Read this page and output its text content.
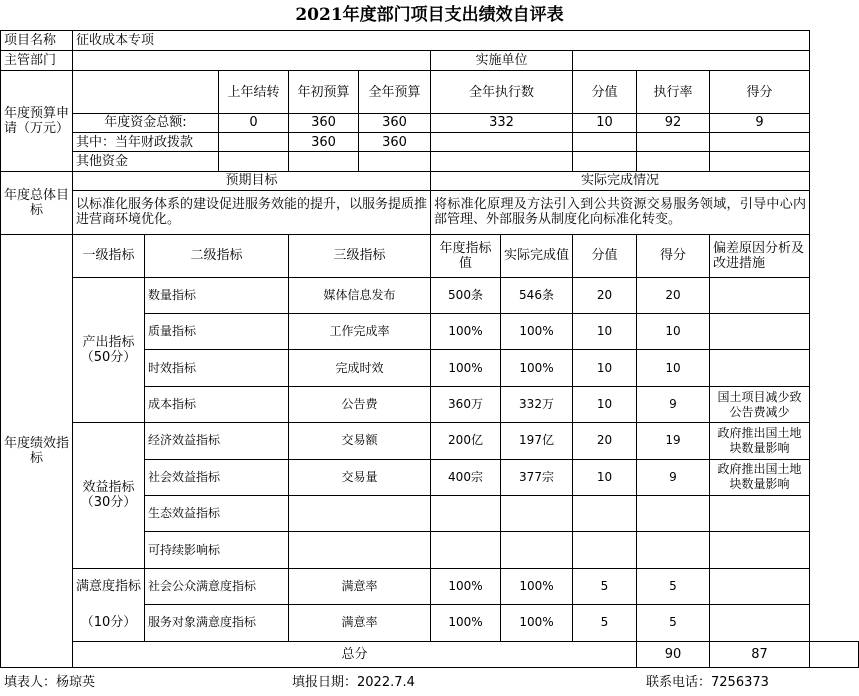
2021年度部门项目支出绩效自评表
项目名称	征收成本专项										
主管部门						实施单位					
年度预算申请（万元）			上年结转	年初预算	全年预算	全年执行数		分值	执行率	得分	
	年度资金总额:		0	360	360	332		10	92	9	
	其中：当年财政拨款			360	360						
	其他资金										
年度总体目标	预期目标					实际完成情况					
	以标准化服务体系的建设促进服务效能的提升，以服务提质推进营商环境优化。					将标准化原理及方法引入到公共资源交易服务领域，引导中心内部管理、外部服务从制度化向标准化转变。					
年度绩效指标	一级指标	二级指标		三级指标		年度指标值	实际完成值	分值	得分	偏差原因分析及改进措施	
	产出指标（50分）	数量指标		媒体信息发布		500条	546条	20	20		
		质量指标		工作完成率		100%	100%	10	10		
		时效指标		完成时效		100%	100%	10	10		
		成本指标		公告费		360万	332万	10	9	国土项目减少致公告费减少	
	效益指标（30分）	经济效益指标		交易额		200亿	197亿	20	19	政府推出国土地块数量影响	
		社会效益指标		交易量		400宗	377宗	10	9	政府推出国土地块数量影响	
		生态效益指标									
		可持续影响标									
	满意度指标	社会公众满意度指标		满意率		100%	100%	5	5		
	（10分）	服务对象满意度指标		满意率		100%	100%	5	5		
	总分								90	87	
填表人：杨琼英	填报日期：2022.7.4	联系电话：7256373
